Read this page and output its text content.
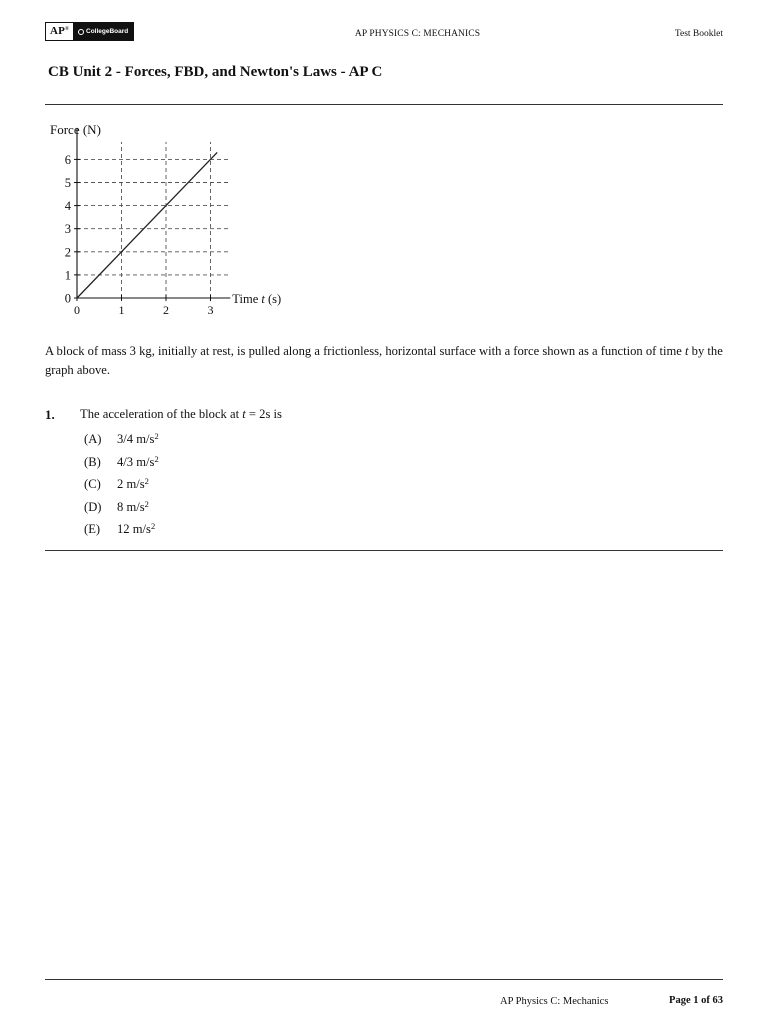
AP®	CollegeBoard	AP PHYSICS C: MECHANICS	Test Booklet
CB Unit 2 - Forces, FBD, and Newton's Laws - AP C
0
1
2
3
4
5
6
0	1	2	3
Force (N)
Time t (s)
A block of mass 3 kg, initially at rest, is pulled along a frictionless, horizontal surface with a force shown as a function of time t by the graph above.
1. The acceleration of the block at t = 2s is
(A)	3/4 $m/s^2$
(B)	4/3 $m/s^2$
(C)	2 $m/s^2$
(D)	8 $m/s^2$
(E)	12 $m/s^2$
AP Physics C: Mechanics	Page 1 of 63
